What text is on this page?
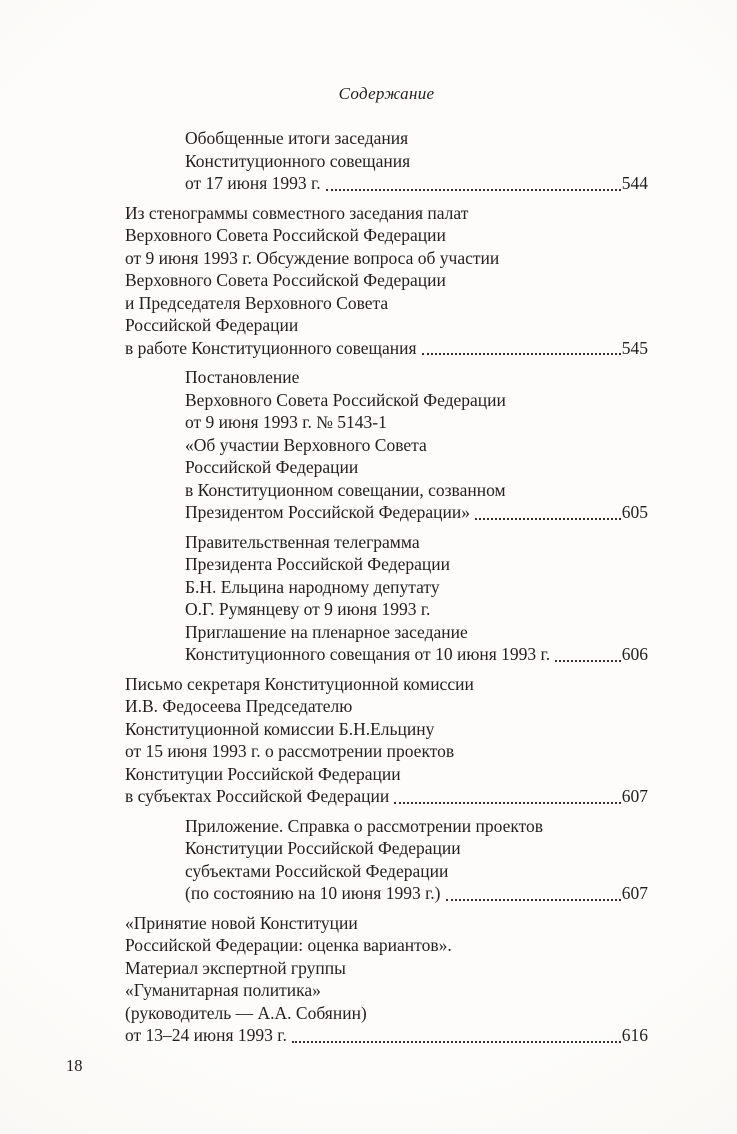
Содержание
Обобщенные итоги заседания
Конституционного совещания
от 17 июня 1993 г.	544
Из стенограммы совместного заседания палат
Верховного Совета Российской Федерации
от 9 июня 1993 г. Обсуждение вопроса об участии
Верховного Совета Российской Федерации
и Председателя Верховного Совета
Российской Федерации
в работе Конституционного совещания	545
Постановление
Верховного Совета Российской Федерации
от 9 июня 1993 г. № 5143-1
«Об участии Верховного Совета
Российской Федерации
в Конституционном совещании, созванном
Президентом Российской Федерации»	605
Правительственная телеграмма
Президента Российской Федерации
Б.Н. Ельцина народному депутату
О.Г. Румянцеву от 9 июня 1993 г.
Приглашение на пленарное заседание
Конституционного совещания от 10 июня 1993 г.	606
Письмо секретаря Конституционной комиссии
И.В. Федосеева Председателю
Конституционной комиссии Б.Н.Ельцину
от 15 июня 1993 г. о рассмотрении проектов
Конституции Российской Федерации
в субъектах Российской Федерации	607
Приложение. Справка о рассмотрении проектов
Конституции Российской Федерации
субъектами Российской Федерации
(по состоянию на 10 июня 1993 г.)	607
«Принятие новой Конституции
Российской Федерации: оценка вариантов».
Материал экспертной группы
«Гуманитарная политика»
(руководитель — А.А. Собянин)
от 13–24 июня 1993 г.	616
18
